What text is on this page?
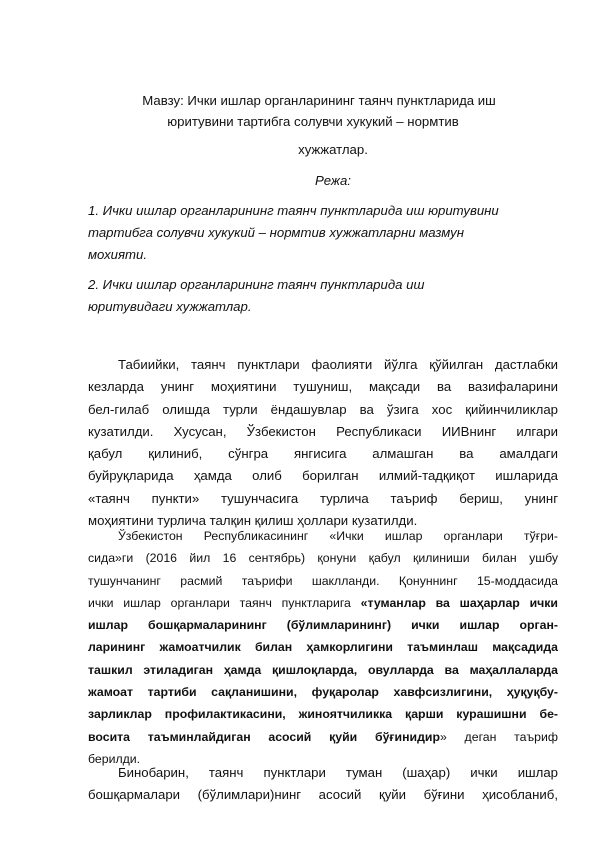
Мавзу: Ички ишлар органларининг таянч пунктларида иш
юритувини тартибга солувчи хукукий – нормтив
хужжатлар.
Режа:
1. Ички ишлар органларининг таянч пунктларида иш юритувини
тартибга солувчи хукукий – нормтив хужжатларни мазмун
мохияти.
2. Ички ишлар органларининг таянч пунктларида иш
юритувидаги хужжатлар.
Табиийки, таянч пунктлари фаолияти йўлга қўйилган дастлабки
кезларда унинг моҳиятини тушуниш, мақсади ва вазифаларини
бел-гилаб олишда турли ёндашувлар ва ўзига хос қийинчиликлар
кузатилди. Хусусан, Ўзбекистон Республикаси ИИВнинг илгари
қабул қилиниб, сўнгра янгисига алмашган ва амалдаги
буйруқларида ҳамда олиб борилган илмий-тадқиқот ишларида
«таянч пункти» тушунчасига турлича таъриф бериш, унинг
моҳиятини турлича талқин қилиш ҳоллари кузатилди.
Ўзбекистон Республикасининг «Ички ишлар органлари тўғри-
сида»ги (2016 йил 16 сентябрь) қонуни қабул қилиниши билан ушбу
тушунчанинг расмий таърифи шаклланди. Қонуннинг 15-моддасида
ички ишлар органлари таянч пунктларига «туманлар ва шаҳарлар ички
ишлар бошқармаларининг (бўлимларининг) ички ишлар орган-
ларининг жамоатчилик билан ҳамкорлигини таъминлаш мақсадида
ташкил этиладиган ҳамда қишлоқларда, овулларда ва маҳаллаларда
жамоат тартиби сақланишини, фуқаролар хавфсизлигини, ҳуқуқбу-
зарликлар профилактикасини, жиноятчиликка қарши курашишни бе-
восита таъминлайдиган асосий қуйи бўғинидир» деган таъриф
берилди.
Бинобарин, таянч пунктлари туман (шаҳар) ички ишлар
бошқармалари (бўлимлари)нинг асосий қуйи бўғини ҳисобланиб,
